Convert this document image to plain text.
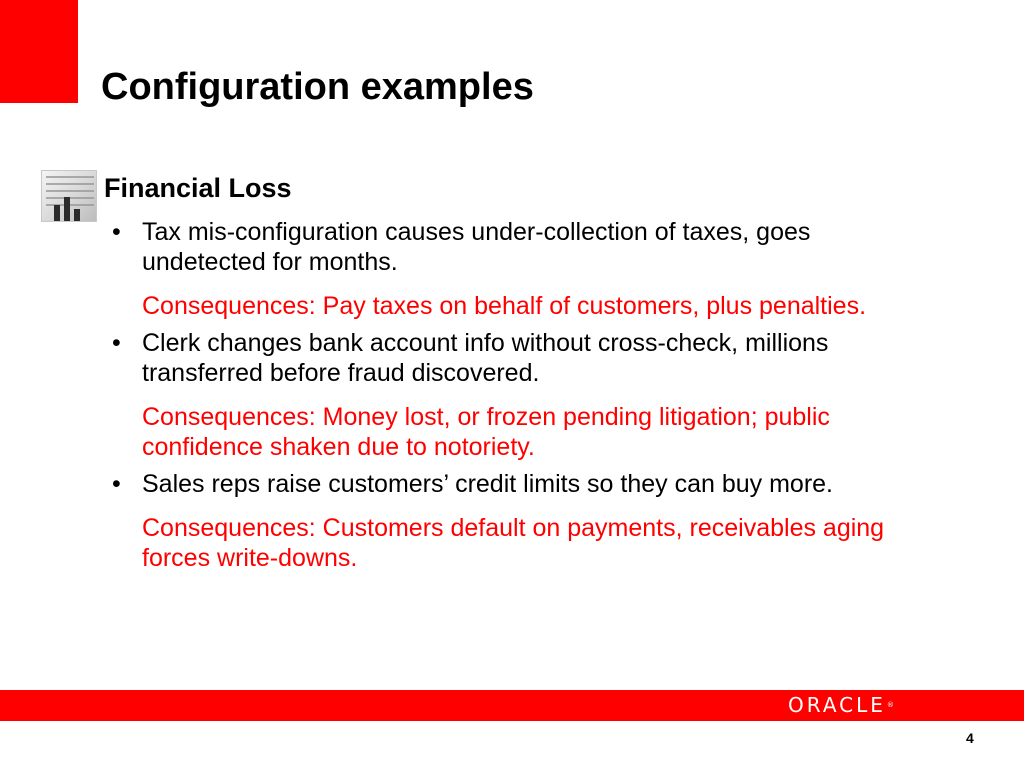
Configuration examples
Financial Loss
• Tax mis-configuration causes under-collection of taxes, goes undetected for months.

Consequences: Pay taxes on behalf of customers, plus penalties.

• Clerk changes bank account info without cross-check, millions transferred before fraud discovered.

Consequences: Money lost, or frozen pending litigation; public confidence shaken due to notoriety.

• Sales reps raise customers’ credit limits so they can buy more.

Consequences: Customers default on payments, receivables aging forces write-downs.

ORACLE®
4
